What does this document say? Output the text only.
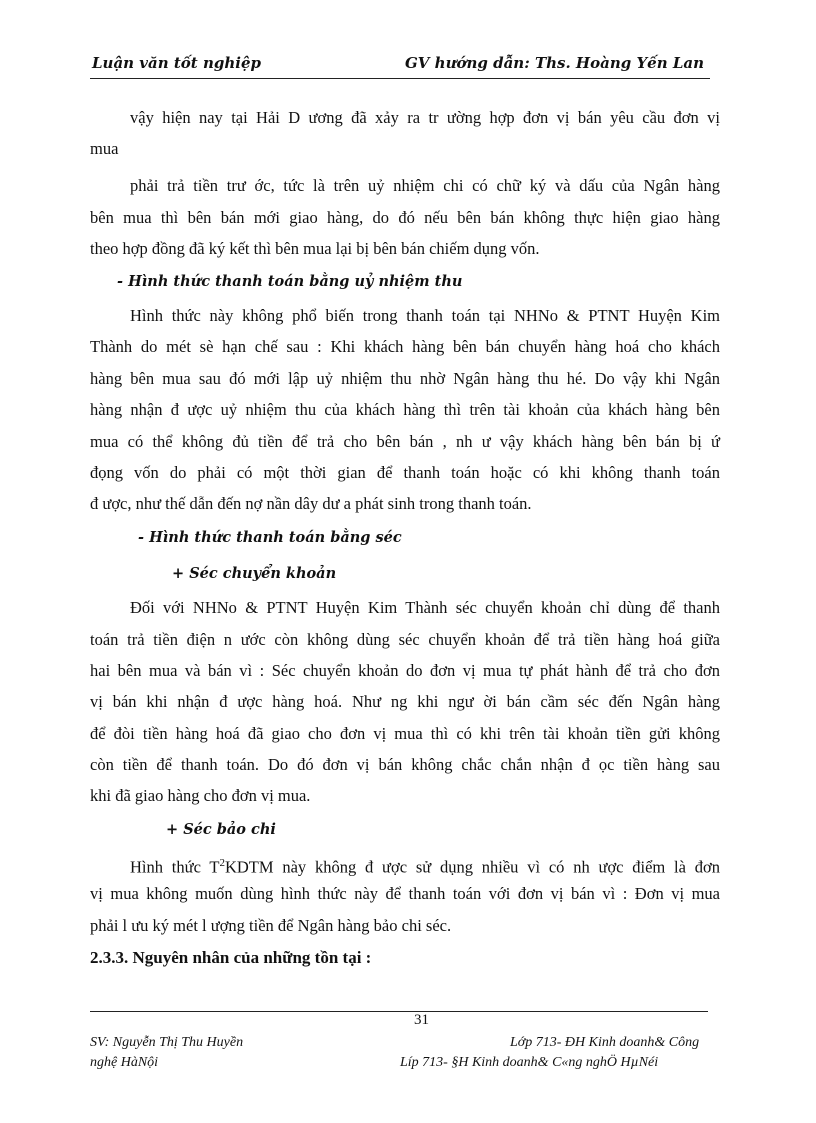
Luận văn tốt nghiệp	GV hướng dẫn: Ths. Hoàng Yến Lan
vậy hiện nay tại Hải D ương đã xảy ra tr ường hợp đơn vị bán yêu cầu đơn vị
mua
phải trả tiền trư ớc, tức là trên uỷ nhiệm chi có chữ ký và dấu của Ngân hàng
bên mua thì bên bán mới giao hàng, do đó nếu bên bán không thực hiện giao hàng
theo hợp đồng đã ký kết thì bên mua lại bị bên bán chiếm dụng vốn.
- Hình thức thanh toán bằng uỷ nhiệm thu
Hình thức này không phổ biến trong thanh toán tại NHNo & PTNT Huyện Kim
Thành do mét sè hạn chế sau : Khi khách hàng bên bán chuyển hàng hoá cho khách
hàng bên mua sau đó mới lập uỷ nhiệm thu nhờ Ngân hàng thu hé. Do vậy khi Ngân
hàng nhận đ ược uỷ nhiệm thu của khách hàng thì trên tài khoản của khách hàng bên
mua có thể không đủ tiền để trả cho bên bán , nh ư vậy khách hàng bên bán bị ứ
đọng vốn do phải có một thời gian để thanh toán hoặc có khi không thanh toán
đ ược, như thế dẫn đến nợ nần dây dư a phát sinh trong thanh toán.
- Hình thức thanh toán bằng séc
+ Séc chuyển khoản
Đối với NHNo & PTNT Huyện Kim Thành séc chuyển khoản chỉ dùng để thanh
toán trả tiền điện n ước còn không dùng séc chuyển khoản để trả tiền hàng hoá giữa
hai bên mua và bán vì : Séc chuyển khoản do đơn vị mua tự phát hành để trả cho đơn
vị bán khi nhận đ ược hàng hoá. Như ng khi ngư ời bán cầm séc đến Ngân hàng
để đòi tiền hàng hoá đã giao cho đơn vị mua thì có khi trên tài khoản tiền gửi không
còn tiền để thanh toán. Do đó đơn vị bán không chắc chắn nhận đ ọc tiền hàng sau
khi đã giao hàng cho đơn vị mua.
+ Séc bảo chi
Hình thức $T^2KDTM$ này không đ ược sử dụng nhiều vì có nh ược điểm là đơn
vị mua không muốn dùng hình thức này để thanh toán với đơn vị bán vì : Đơn vị mua
phải l ưu ký mét l ượng tiền để Ngân hàng bảo chi séc.
2.3.3. Nguyên nhân của những tồn tại :
31
SV: Nguyễn Thị Thu Huyền	Lớp 713- ĐH Kinh doanh& Công
nghệ HàNội	Líp 713- §H Kinh doanh& C«ng nghÖ HµNéi
